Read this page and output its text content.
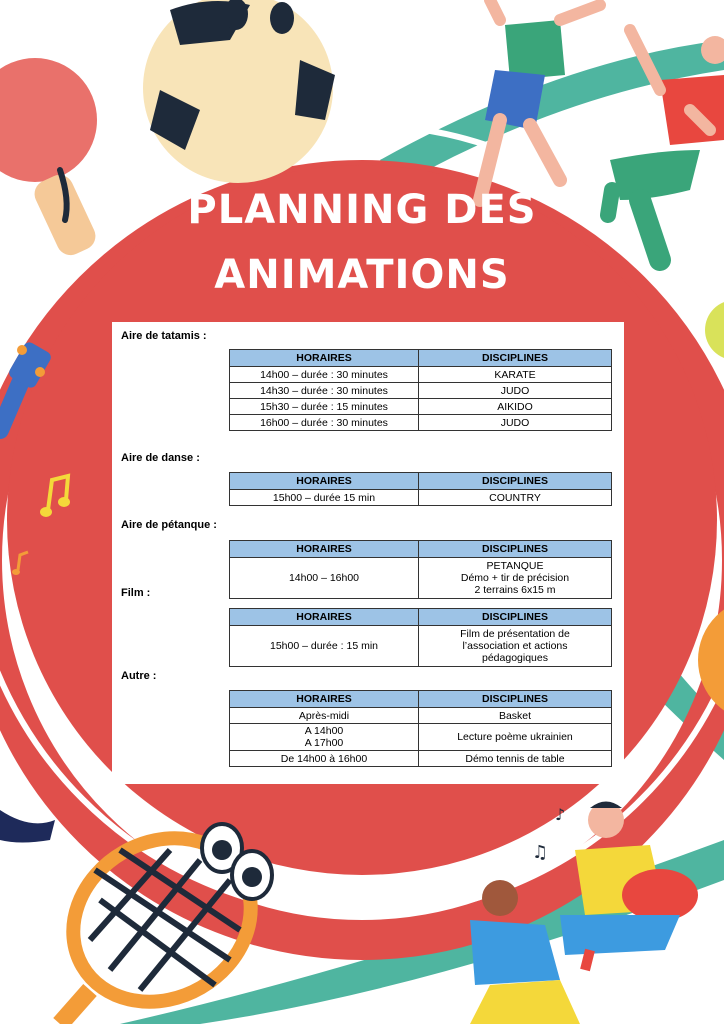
♪
♫
PLANNING DES
ANIMATIONS
Aire de tatamis :
HORAIRES	DISCIPLINES
14h00 – durée : 30 minutes	KARATE
14h30 – durée : 30 minutes	JUDO
15h30 – durée : 15 minutes	AIKIDO
16h00 – durée : 30 minutes	JUDO
Aire de danse :
HORAIRES	DISCIPLINES
15h00 – durée 15 min	COUNTRY
Aire de pétanque :
HORAIRES	DISCIPLINES
14h00 – 16h00	PETANQUE
Démo + tir de précision
2 terrains 6x15 m
Film :
HORAIRES	DISCIPLINES
15h00 – durée : 15 min	Film de présentation de
l’association et actions
pédagogiques
Autre :
HORAIRES	DISCIPLINES
Après-midi	Basket

A 14h00
A 17h00	Lecture poème ukrainien
De 14h00 à 16h00	Démo tennis de table
